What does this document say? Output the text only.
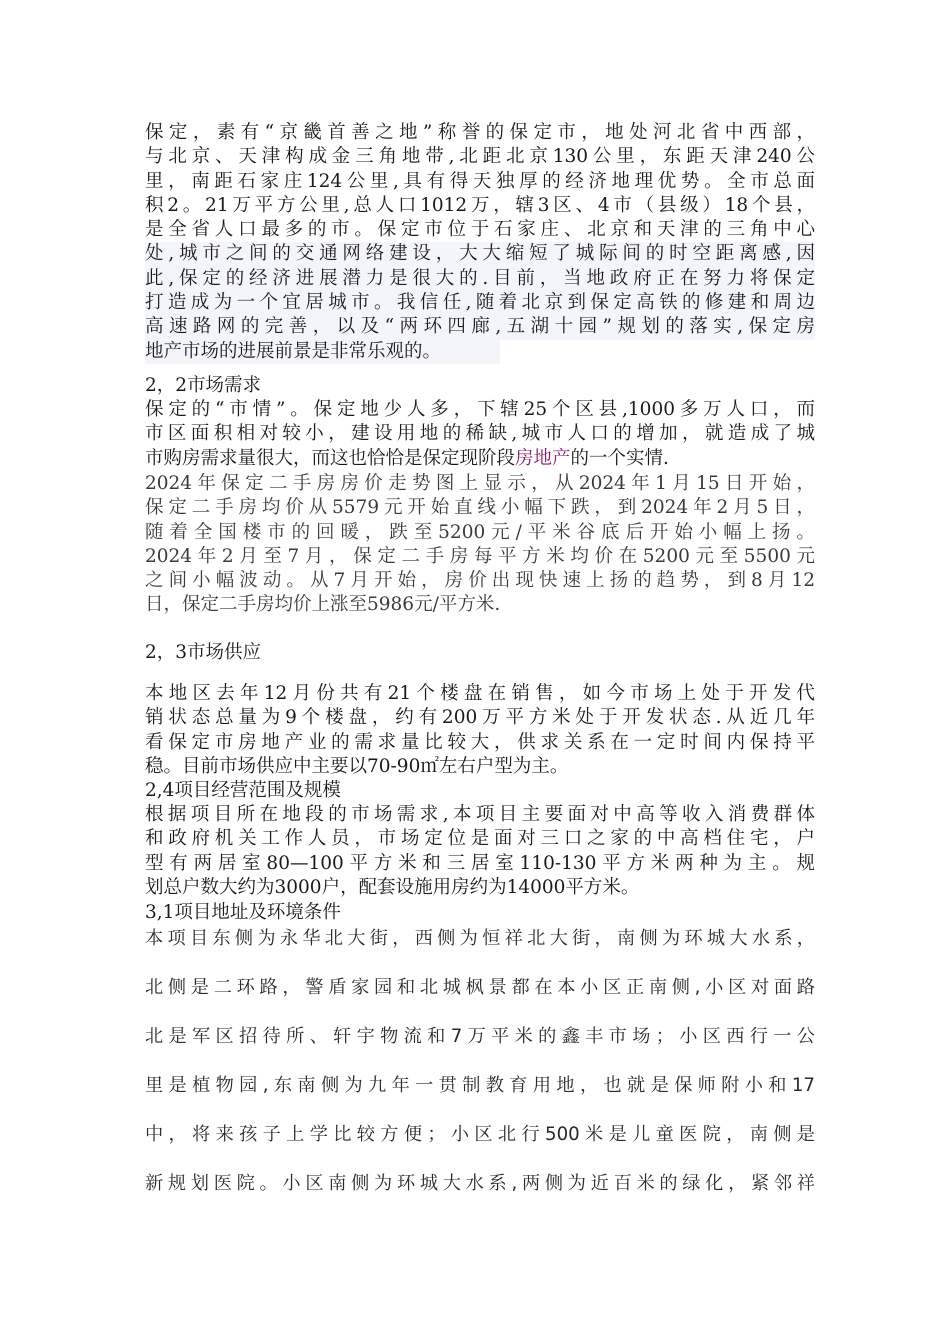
保定，素有“京畿首善之地”称誉的保定市，地处河北省中西部，
与北京、天津构成金三角地带,北距北京130公里，东距天津240公
里，南距石家庄124公里,具有得天独厚的经济地理优势。全市总面
积2。21万平方公里,总人口1012万，辖3区、4市（县级）18个县，
是全省人口最多的市。保定市位于石家庄、北京和天津的三角中心
处,城市之间的交通网络建设，大大缩短了城际间的时空距离感,因
此,保定的经济进展潜力是很大的.目前，当地政府正在努力将保定
打造成为一个宜居城市。我信任,随着北京到保定高铁的修建和周边
高速路网的完善，以及“两环四廊,五湖十园”规划的落实,保定房
地产市场的进展前景是非常乐观的。
2，2市场需求
保定的“市情”。保定地少人多，下辖25个区县,1000多万人口，而
市区面积相对较小，建设用地的稀缺,城市人口的增加，就造成了城
市购房需求量很大，而这也恰恰是保定现阶段房地产的一个实情.
2024年保定二手房房价走势图上显示，从2024年1月15日开始，
保定二手房均价从5579元开始直线小幅下跌，到2024年2月5日，
随着全国楼市的回暖，跌至5200元/平米谷底后开始小幅上扬。
2024年2月至7月，保定二手房每平方米均价在5200元至5500元
之间小幅波动。从7月开始，房价出现快速上扬的趋势，到8月12
日，保定二手房均价上涨至5986元/平方米.
2，3市场供应
本地区去年12月份共有21个楼盘在销售，如今市场上处于开发代
销状态总量为9个楼盘，约有200万平方米处于开发状态.从近几年
看保定市房地产业的需求量比较大，供求关系在一定时间内保持平
稳。目前市场供应中主要以70-90㎡左右户型为主。
2,4项目经营范围及规模
根据项目所在地段的市场需求,本项目主要面对中高等收入消费群体
和政府机关工作人员，市场定位是面对三口之家的中高档住宅，户
型有两居室80—100平方米和三居室110-130平方米两种为主。规
划总户数大约为3000户，配套设施用房约为14000平方米。
3,1项目地址及环境条件
本项目东侧为永华北大街，西侧为恒祥北大街，南侧为环城大水系，
北侧是二环路，警盾家园和北城枫景都在本小区正南侧,小区对面路
北是军区招待所、轩宇物流和7万平米的鑫丰市场；小区西行一公
里是植物园,东南侧为九年一贯制教育用地，也就是保师附小和17
中，将来孩子上学比较方便；小区北行500米是儿童医院，南侧是
新规划医院。小区南侧为环城大水系,两侧为近百米的绿化，紧邻祥
